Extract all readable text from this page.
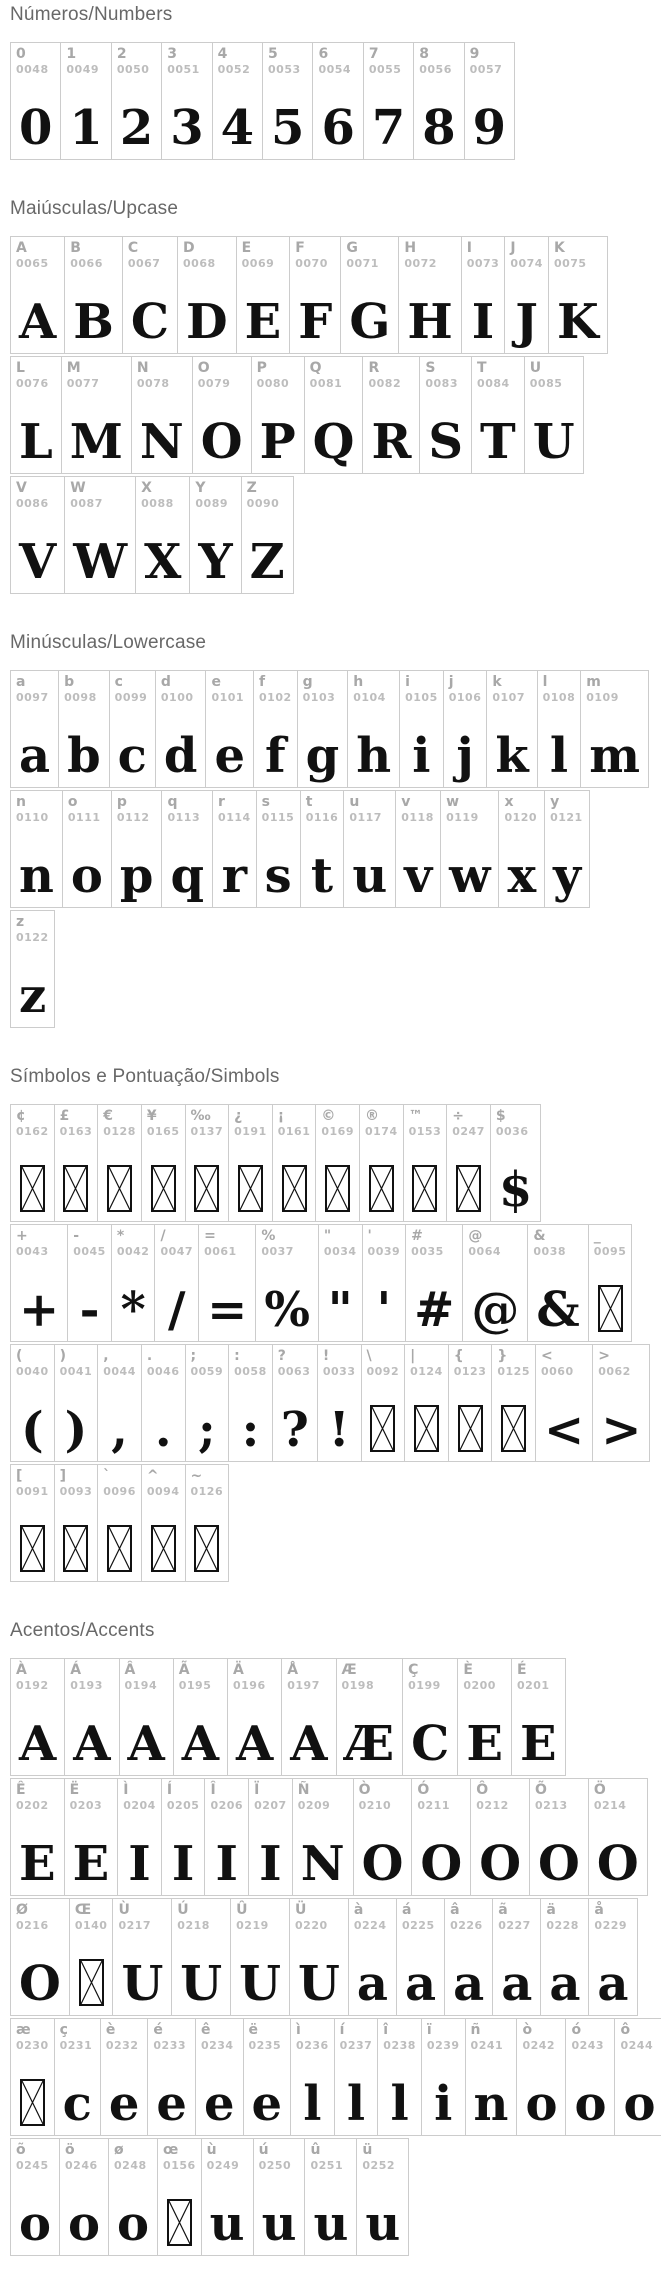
Números/Numbers
0
0048
0
1
0049
1
2
0050
2
3
0051
3
4
0052
4
5
0053
5
6
0054
6
7
0055
7
8
0056
8
9
0057
9
Maiúsculas/Upcase
A
0065
A
B
0066
B
C
0067
C
D
0068
D
E
0069
E
F
0070
F
G
0071
G
H
0072
H
I
0073
I
J
0074
J
K
0075
K
L
0076
L
M
0077
M
N
0078
N
O
0079
O
P
0080
P
Q
0081
Q
R
0082
R
S
0083
S
T
0084
T
U
0085
U
V
0086
V
W
0087
W
X
0088
X
Y
0089
Y
Z
0090
Z
Minúsculas/Lowercase
a
0097
a
b
0098
b
c
0099
c
d
0100
d
e
0101
e
f
0102
f
g
0103
g
h
0104
h
i
0105
i
j
0106
j
k
0107
k
l
0108
l
m
0109
m
n
0110
n
o
0111
o
p
0112
p
q
0113
q
r
0114
r
s
0115
s
t
0116
t
u
0117
u
v
0118
v
w
0119
w
x
0120
x
y
0121
y
z
0122
z
Símbolos e Pontuação/Simbols
¢
0162
£
0163
€
0128
¥
0165
‰
0137
¿
0191
¡
0161
©
0169
®
0174
™
0153
÷
0247
$
0036
$
+
0043
+
-
0045
-
*
0042
*
/
0047
/
=
0061
=
%
0037
%
"
0034
"
'
0039
'
#
0035
#
@
0064
@
&
0038
&
_
0095
(
0040
(
)
0041
)
,
0044
,
.
0046
.
;
0059
;
:
0058
:
?
0063
?
!
0033
!
\
0092
|
0124
{
0123
}
0125
<
0060
<
>
0062
>
[
0091
]
0093
`
0096
^
0094
~
0126
Acentos/Accents
À
0192
A
Á
0193
A
Â
0194
A
Ã
0195
A
Ä
0196
A
Å
0197
A
Æ
0198
Æ
Ç
0199
C
È
0200
E
É
0201
E
Ê
0202
E
Ë
0203
E
Ì
0204
I
Í
0205
I
Î
0206
I
Ï
0207
I
Ñ
0209
N
Ò
0210
O
Ó
0211
O
Ô
0212
O
Õ
0213
O
Ö
0214
O
Ø
0216
O
Œ
0140
Ù
0217
U
Ú
0218
U
Û
0219
U
Ü
0220
U
à
0224
a
á
0225
a
â
0226
a
ã
0227
a
ä
0228
a
å
0229
a
æ
0230
ç
0231
c
è
0232
e
é
0233
e
ê
0234
e
ë
0235
e
ì
0236
l
í
0237
l
î
0238
l
ï
0239
i
ñ
0241
n
ò
0242
o
ó
0243
o
ô
0244
o
õ
0245
o
ö
0246
o
ø
0248
o
œ
0156
ù
0249
u
ú
0250
u
û
0251
u
ü
0252
u
